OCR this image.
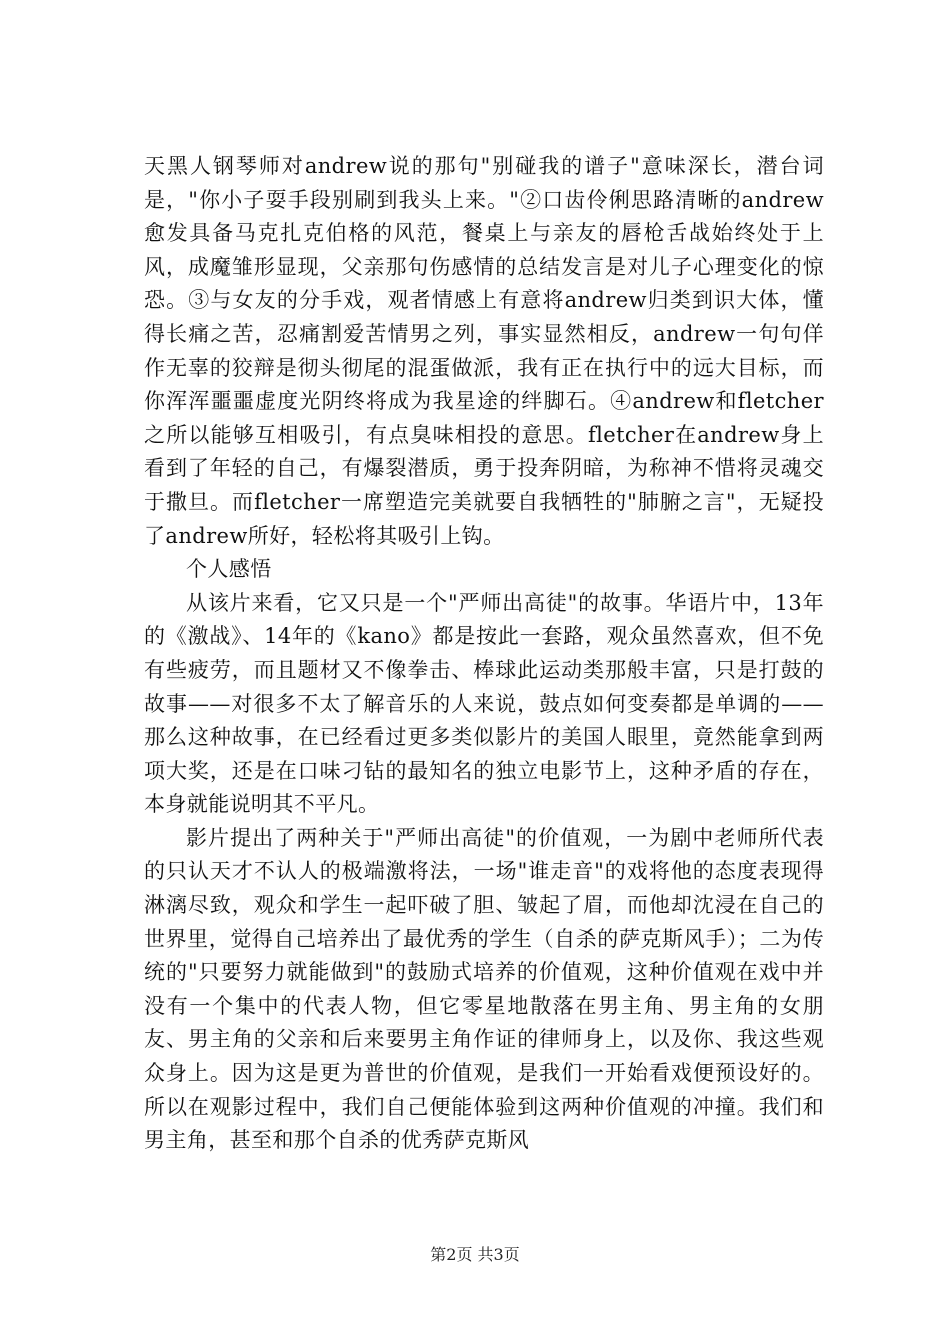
天黑人钢琴师对andrew说的那句"别碰我的谱子"意味深长，潜台词是，"你小子耍手段别刷到我头上来。"②口齿伶俐思路清晰的andrew愈发具备马克扎克伯格的风范，餐桌上与亲友的唇枪舌战始终处于上风，成魔雏形显现，父亲那句伤感情的总结发言是对儿子心理变化的惊恐。③与女友的分手戏，观者情感上有意将andrew归类到识大体，懂得长痛之苦，忍痛割爱苦情男之列，事实显然相反，andrew一句句佯作无辜的狡辩是彻头彻尾的混蛋做派，我有正在执行中的远大目标，而你浑浑噩噩虚度光阴终将成为我星途的绊脚石。④andrew和fletcher之所以能够互相吸引，有点臭味相投的意思。fletcher在andrew身上看到了年轻的自己，有爆裂潜质，勇于投奔阴暗，为称神不惜将灵魂交于撒旦。而fletcher一席塑造完美就要自我牺牲的"肺腑之言"，无疑投了andrew所好，轻松将其吸引上钩。

个人感悟

从该片来看，它又只是一个"严师出高徒"的故事。华语片中，13年的《激战》、14年的《kano》都是按此一套路，观众虽然喜欢，但不免有些疲劳，而且题材又不像拳击、棒球此运动类那般丰富，只是打鼓的故事——对很多不太了解音乐的人来说，鼓点如何变奏都是单调的——那么这种故事，在已经看过更多类似影片的美国人眼里，竟然能拿到两项大奖，还是在口味刁钻的最知名的独立电影节上，这种矛盾的存在，本身就能说明其不平凡。

影片提出了两种关于"严师出高徒"的价值观，一为剧中老师所代表的只认天才不认人的极端激将法，一场"谁走音"的戏将他的态度表现得淋漓尽致，观众和学生一起吓破了胆、皱起了眉，而他却沈浸在自己的世界里，觉得自己培养出了最优秀的学生（自杀的萨克斯风手）；二为传统的"只要努力就能做到"的鼓励式培养的价值观，这种价值观在戏中并没有一个集中的代表人物，但它零星地散落在男主角、男主角的女朋友、男主角的父亲和后来要男主角作证的律师身上，以及你、我这些观众身上。因为这是更为普世的价值观，是我们一开始看戏便预设好的。所以在观影过程中，我们自己便能体验到这两种价值观的冲撞。我们和男主角，甚至和那个自杀的优秀萨克斯风

第2页 共3页
